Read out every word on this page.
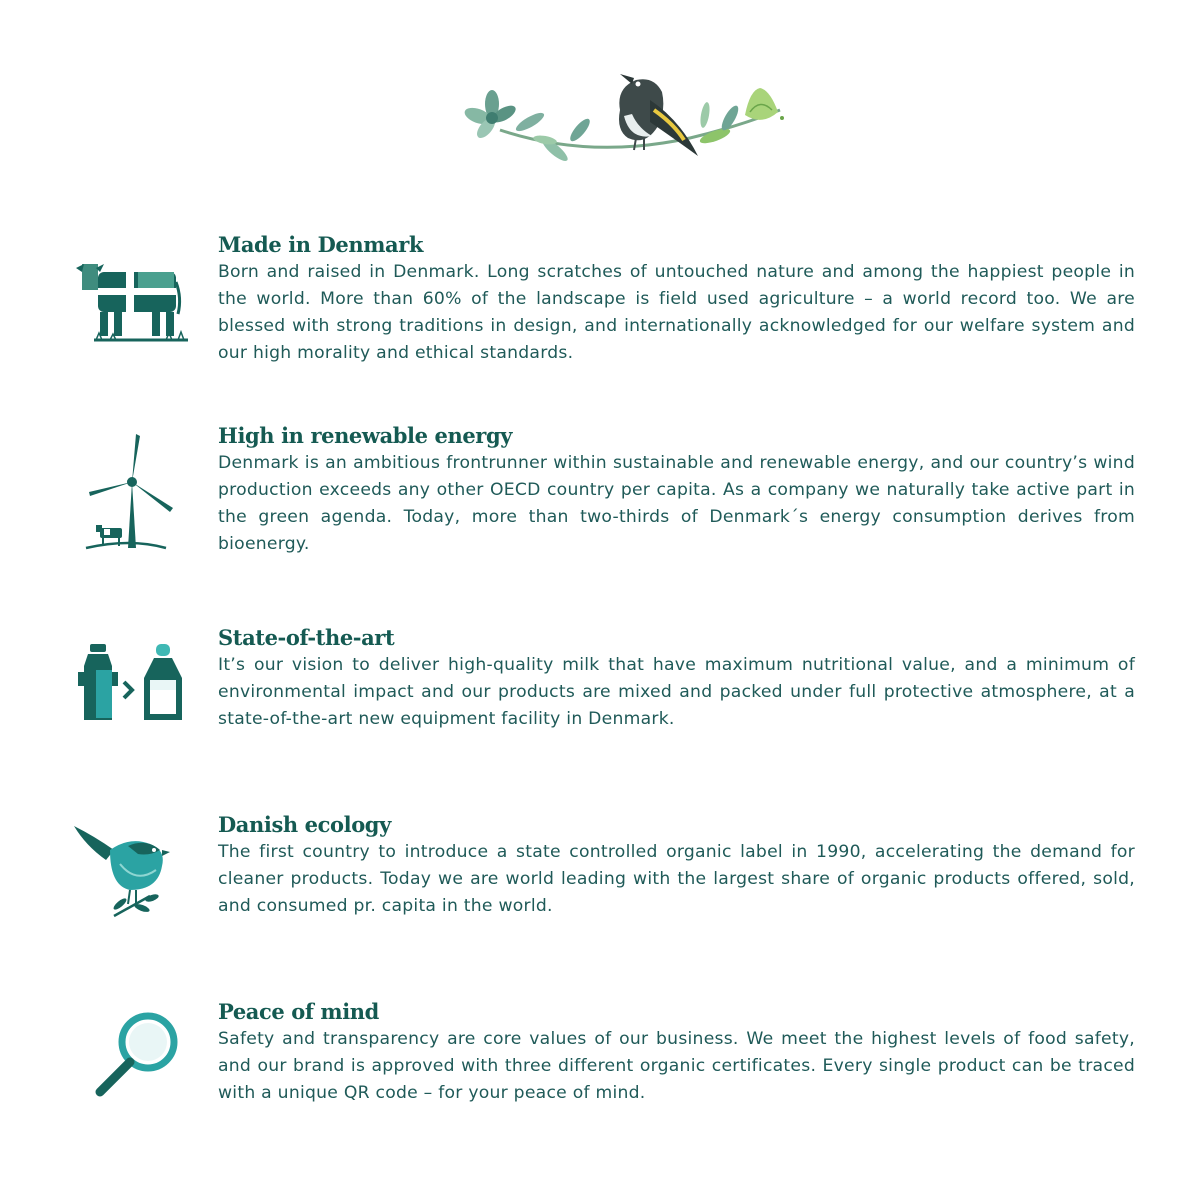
Made in Denmark

Born and raised in Denmark. Long scratches of untouched nature and among the happiest people in the world. More than 60% of the landscape is field used agriculture – a world record too. We are blessed with strong traditions in design, and internationally acknowledged for our welfare system and our high morality and ethical standards.

High in renewable energy

Denmark is an ambitious frontrunner within sustainable and renewable energy, and our country’s wind production exceeds any other OECD country per capita. As a company we naturally take active part in the green agenda. Today, more than two-thirds of Denmark´s energy consumption derives from bioenergy.

State-of-the-art

It’s our vision to deliver high-quality milk that have maximum nutritional value, and a minimum of environmental impact and our products are mixed and packed under full protective atmosphere, at a state-of-the-art new equipment facility in Denmark.

Danish ecology

The first country to introduce a state controlled organic label in 1990, accelerating the demand for cleaner products. Today we are world leading with the largest share of organic products offered, sold, and consumed pr. capita in the world.

Peace of mind

Safety and transparency are core values of our business. We meet the highest levels of food safety, and our brand is approved with three different organic certificates. Every single product can be traced with a unique QR code – for your peace of mind.
